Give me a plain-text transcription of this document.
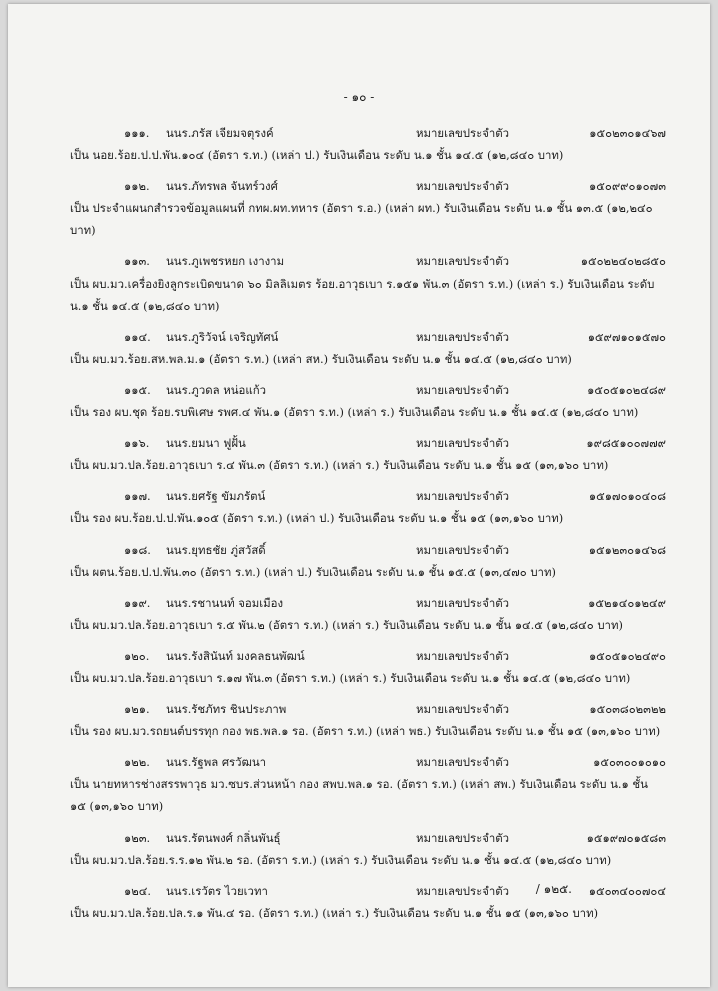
- ๑๐ -
๑๑๑. นนร.ภรัส เจียมจตุรงค์	หมายเลขประจำตัว	๑๕๐๒๓๐๑๔๖๗
เป็น นอย.ร้อย.ป.ป.พัน.๑๐๔ (อัตรา ร.ท.) (เหล่า ป.) รับเงินเดือน ระดับ น.๑ ชั้น ๑๔.๕ (๑๒,๘๔๐ บาท)
๑๑๒. นนร.ภัทรพล จันทร์วงศ์	หมายเลขประจำตัว	๑๕๐๙๙๐๑๐๗๓
เป็น ประจำแผนกสำรวจข้อมูลแผนที่ กทผ.ผท.ทหาร (อัตรา ร.อ.) (เหล่า ผท.) รับเงินเดือน ระดับ น.๑ ชั้น ๑๓.๕ (๑๒,๒๔๐ บาท)
๑๑๓. นนร.ภูเพชรหยก เงางาม	หมายเลขประจำตัว	๑๕๐๒๒๔๐๒๘๕๐
เป็น ผบ.มว.เครื่องยิงลูกระเบิดขนาด ๖๐ มิลลิเมตร ร้อย.อาวุธเบา ร.๑๕๑ พัน.๓ (อัตรา ร.ท.) (เหล่า ร.) รับเงินเดือน ระดับ น.๑ ชั้น ๑๔.๕ (๑๒,๘๔๐ บาท)
๑๑๔. นนร.ภูริวัจน์ เจริญทัศน์	หมายเลขประจำตัว	๑๕๙๗๑๐๑๕๗๐
เป็น ผบ.มว.ร้อย.สห.พล.ม.๑ (อัตรา ร.ท.) (เหล่า สห.) รับเงินเดือน ระดับ น.๑ ชั้น ๑๔.๕ (๑๒,๘๔๐ บาท)
๑๑๕. นนร.ภูวดล หน่อแก้ว	หมายเลขประจำตัว	๑๕๐๕๑๐๒๔๘๙
เป็น รอง ผบ.ชุด ร้อย.รบพิเศษ รพศ.๔ พัน.๑ (อัตรา ร.ท.) (เหล่า ร.) รับเงินเดือน ระดับ น.๑ ชั้น ๑๔.๕ (๑๒,๘๔๐ บาท)
๑๑๖. นนร.ยมนา ฟูฝั้น	หมายเลขประจำตัว	๑๙๘๕๑๐๐๗๗๙
เป็น ผบ.มว.ปล.ร้อย.อาวุธเบา ร.๔ พัน.๓ (อัตรา ร.ท.) (เหล่า ร.) รับเงินเดือน ระดับ น.๑ ชั้น ๑๕ (๑๓,๑๖๐ บาท)
๑๑๗. นนร.ยศรัฐ ขัมภรัตน์	หมายเลขประจำตัว	๑๕๑๗๐๑๐๔๐๘
เป็น รอง ผบ.ร้อย.ป.ป.พัน.๑๐๕ (อัตรา ร.ท.) (เหล่า ป.) รับเงินเดือน ระดับ น.๑ ชั้น ๑๕ (๑๓,๑๖๐ บาท)
๑๑๘. นนร.ยุทธชัย ภู่สวัสดิ์	หมายเลขประจำตัว	๑๕๑๒๓๐๑๔๖๘
เป็น ผตน.ร้อย.ป.ป.พัน.๓๐ (อัตรา ร.ท.) (เหล่า ป.) รับเงินเดือน ระดับ น.๑ ชั้น ๑๕.๕ (๑๓,๔๗๐ บาท)
๑๑๙. นนร.รชานนท์ จอมเมือง	หมายเลขประจำตัว	๑๕๒๑๔๐๑๒๔๙
เป็น ผบ.มว.ปล.ร้อย.อาวุธเบา ร.๕ พัน.๒ (อัตรา ร.ท.) (เหล่า ร.) รับเงินเดือน ระดับ น.๑ ชั้น ๑๔.๕ (๑๒,๘๔๐ บาท)
๑๒๐. นนร.รังสินันท์ มงคลธนพัฒน์	หมายเลขประจำตัว	๑๕๐๕๑๐๒๔๙๐
เป็น ผบ.มว.ปล.ร้อย.อาวุธเบา ร.๑๗ พัน.๓ (อัตรา ร.ท.) (เหล่า ร.) รับเงินเดือน ระดับ น.๑ ชั้น ๑๔.๕ (๑๒,๘๔๐ บาท)
๑๒๑. นนร.รัชภัทร ชินประภาพ	หมายเลขประจำตัว	๑๕๐๓๘๐๒๓๒๒
เป็น รอง ผบ.มว.รถยนต์บรรทุก กอง พธ.พล.๑ รอ. (อัตรา ร.ท.) (เหล่า พธ.) รับเงินเดือน ระดับ น.๑ ชั้น ๑๕ (๑๓,๑๖๐ บาท)
๑๒๒. นนร.รัฐพล ศรวัฒนา	หมายเลขประจำตัว	๑๕๐๓๐๐๑๐๑๐
เป็น นายทหารช่างสรรพาวุธ มว.ซบร.ส่วนหน้า กอง สพบ.พล.๑ รอ. (อัตรา ร.ท.) (เหล่า สพ.) รับเงินเดือน ระดับ น.๑ ชั้น ๑๕ (๑๓,๑๖๐ บาท)
๑๒๓. นนร.รัตนพงศ์ กลิ่นพันธุ์	หมายเลขประจำตัว	๑๕๑๙๗๐๑๕๘๓
เป็น ผบ.มว.ปล.ร้อย.ร.ร.๑๒ พัน.๒ รอ. (อัตรา ร.ท.) (เหล่า ร.) รับเงินเดือน ระดับ น.๑ ชั้น ๑๔.๕ (๑๒,๘๔๐ บาท)
๑๒๔. นนร.เรวัตร ไวยเวทา	หมายเลขประจำตัว	๑๕๐๓๔๐๐๗๐๔
เป็น ผบ.มว.ปล.ร้อย.ปล.ร.๑ พัน.๔ รอ. (อัตรา ร.ท.) (เหล่า ร.) รับเงินเดือน ระดับ น.๑ ชั้น ๑๕ (๑๓,๑๖๐ บาท)
/ ๑๒๕.
